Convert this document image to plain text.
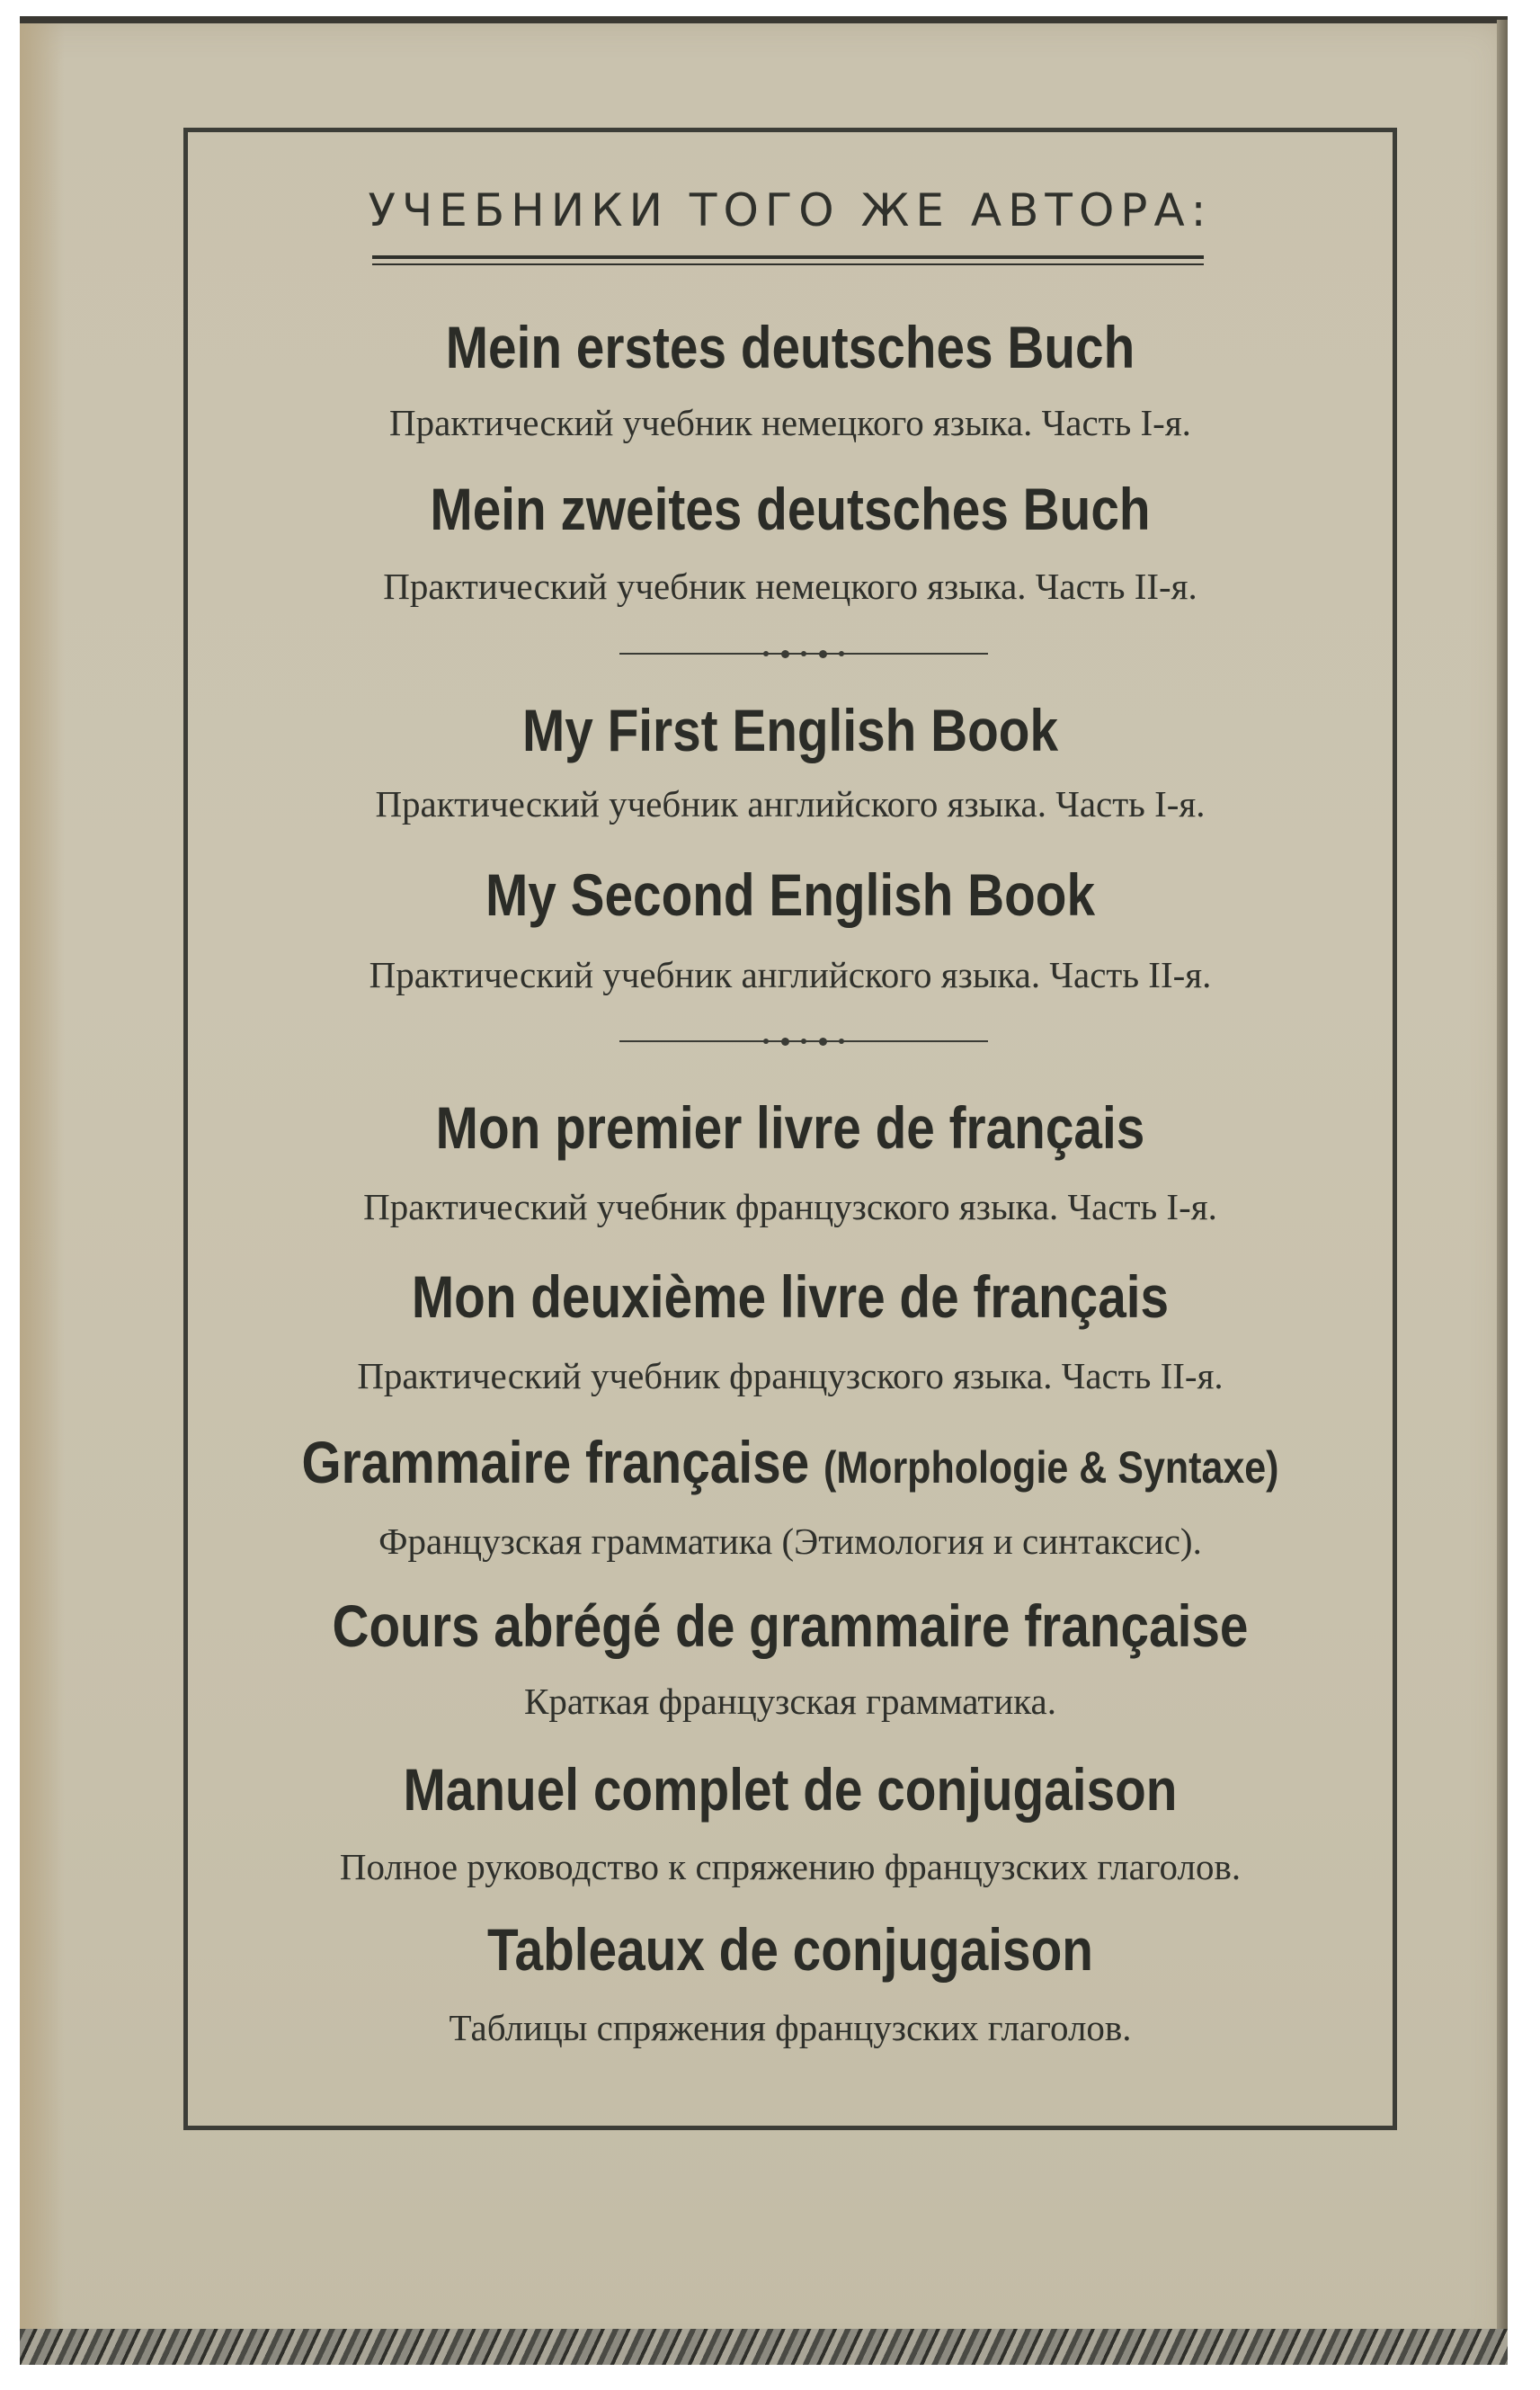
УЧЕБНИКИ ТОГО ЖЕ АВТОРА:
Mein erstes deutsches Buch
Практический учебник немецкого языка. Часть I-я.
Mein zweites deutsches Buch
Практический учебник немецкого языка. Часть II-я.
My First English Book
Практический учебник английского языка. Часть I-я.
My Second English Book
Практический учебник английского языка. Часть II-я.
Mon premier livre de français
Практический учебник французского языка. Часть I-я.
Mon deuxième livre de français
Практический учебник французского языка. Часть II-я.
Grammaire française (Morphologie & Syntaxe)
Французская грамматика (Этимология и синтаксис).
Cours abrégé de grammaire française
Краткая французская грамматика.
Manuel complet de conjugaison
Полное руководство к спряжению французских глаголов.
Tableaux de conjugaison
Таблицы спряжения французских глаголов.
